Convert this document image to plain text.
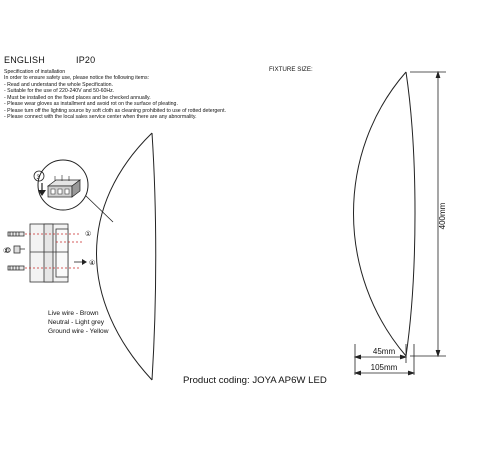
ENGLISH	IP20
Specification of installation
In order to ensure safety use, please notice the following items:
- Read and understand the whole Specification.
- Suitable for the use of 220-240V and 50-60Hz.
- Must be installed on the fixed places and be checked annually.
- Please wear gloves as installment and avoid rot on the surface of pleating.
- Please turn off the lighting source by soft cloth as cleaning prohibited to use of rotted detergent.
- Please connect with the local sales service center when there are any abnormality.
FIXTURE SIZE:
3
①
②
④
400mm
45mm
105mm
Live wire - Brown
Neutral - Light grey
Ground wire - Yellow
Product coding: JOYA AP6W LED
